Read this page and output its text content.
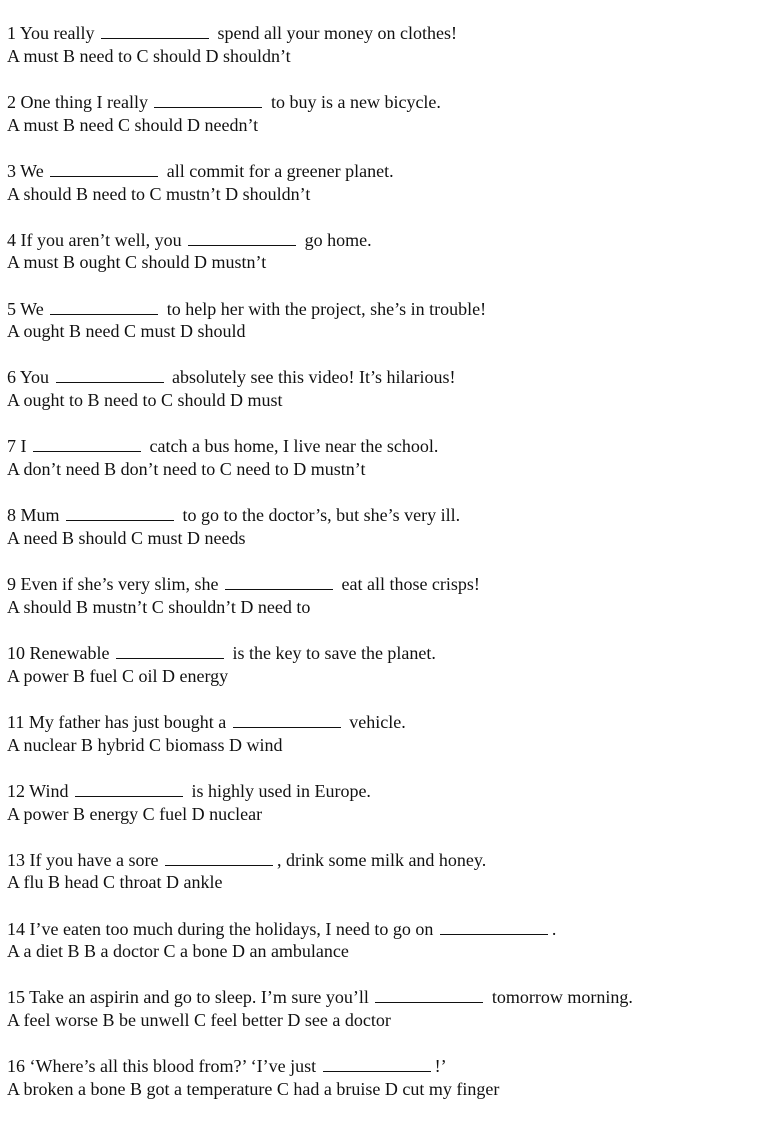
1 You really	spend all your money on clothes!
A must B need to C should D shouldn’t
2 One thing I really	to buy is a new bicycle.
A must B need C should D needn’t
3 We	all commit for a greener planet.
A should B need to C mustn’t D shouldn’t
4 If you aren’t well, you	go home.
A must B ought C should D mustn’t
5 We	to help her with the project, she’s in trouble!
A ought B need C must D should
6 You	absolutely see this video! It’s hilarious!
A ought to B need to C should D must
7 I	catch a bus home, I live near the school.
A don’t need B don’t need to C need to D mustn’t
8 Mum	to go to the doctor’s, but she’s very ill.
A need B should C must D needs
9 Even if she’s very slim, she	eat all those crisps!
A should B mustn’t C shouldn’t D need to
10 Renewable	is the key to save the planet.
A power B fuel C oil D energy
11 My father has just bought a	vehicle.
A nuclear B hybrid C biomass D wind
12 Wind	is highly used in Europe.
A power B energy C fuel D nuclear
13 If you have a sore	, drink some milk and honey.
A flu B head C throat D ankle
14 I’ve eaten too much during the holidays, I need to go on	.
A a diet B B a doctor C a bone D an ambulance
15 Take an aspirin and go to sleep. I’m sure you’ll	tomorrow morning.
A feel worse B be unwell C feel better D see a doctor
16 ‘Where’s all this blood from?’ ‘I’ve just	!’
A broken a bone B got a temperature C had a bruise D cut my finger
